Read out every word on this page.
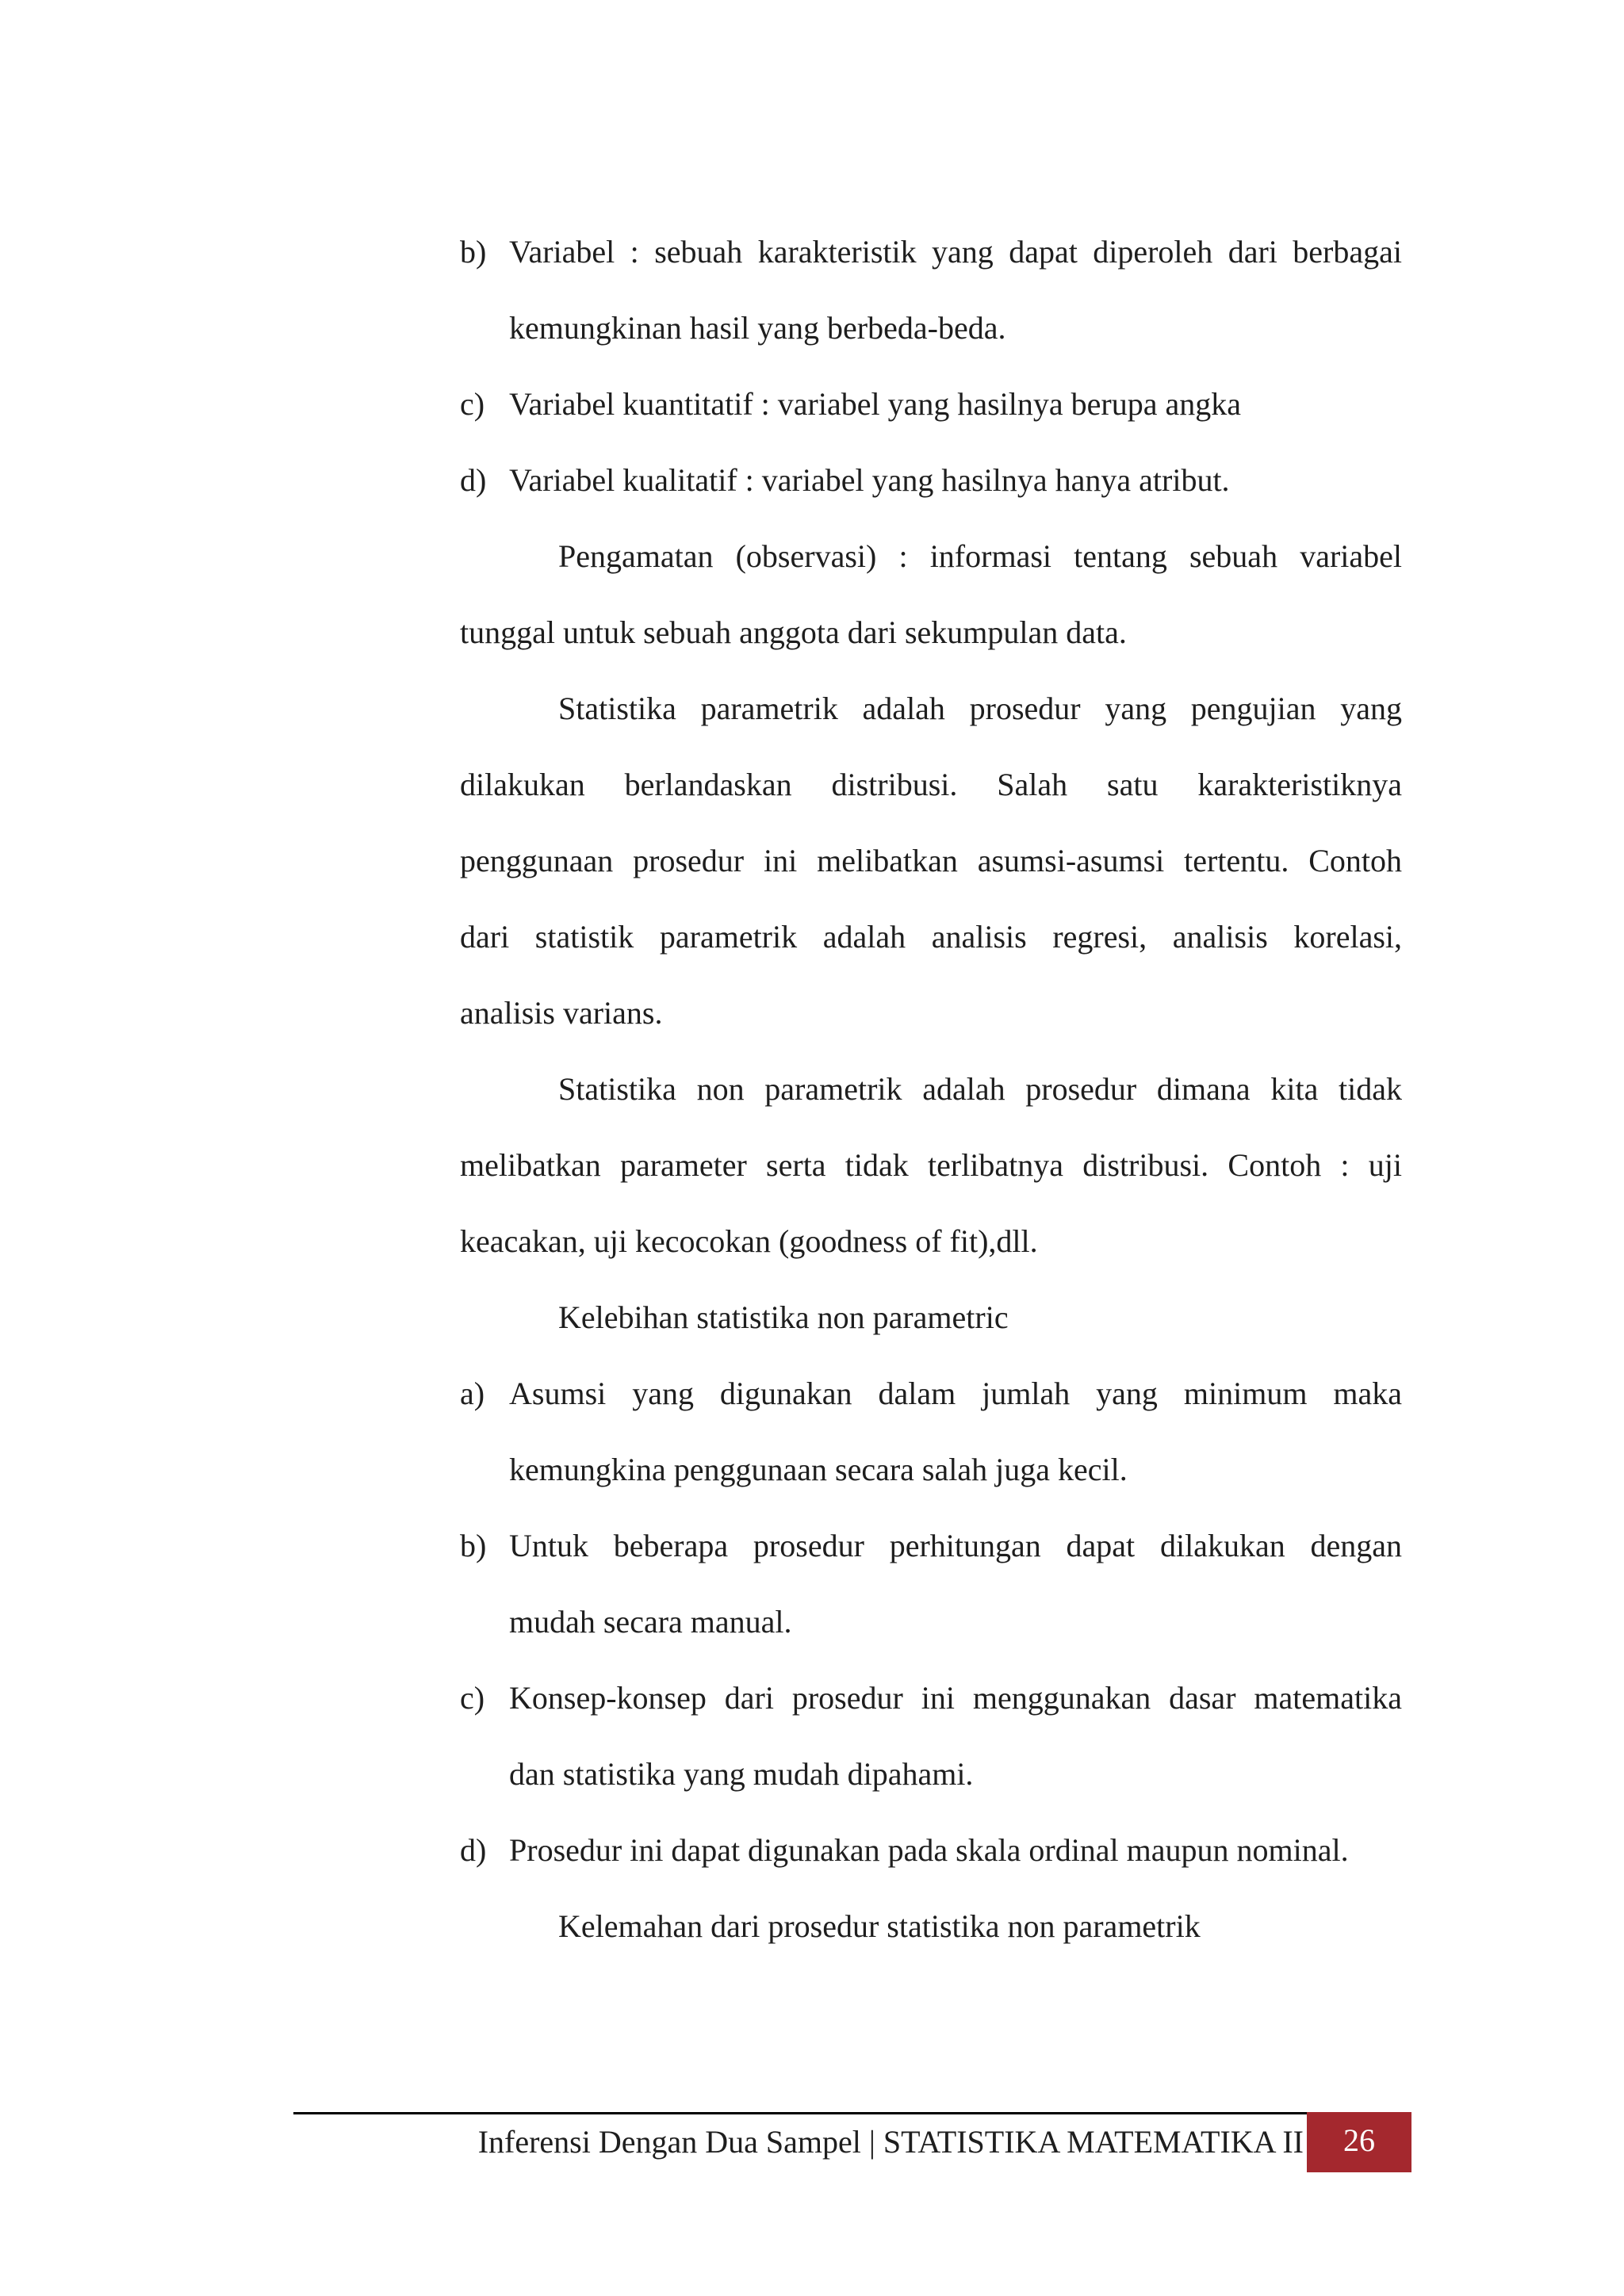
b) Variabel : sebuah karakteristik yang dapat diperoleh dari berbagai
kemungkinan hasil yang berbeda-beda.
c) Variabel kuantitatif : variabel yang hasilnya berupa angka
d) Variabel kualitatif : variabel yang hasilnya hanya atribut.
Pengamatan (observasi) : informasi tentang sebuah variabel
tunggal untuk sebuah anggota dari sekumpulan data.
Statistika parametrik adalah prosedur yang pengujian yang
dilakukan berlandaskan distribusi. Salah satu karakteristiknya
penggunaan prosedur ini melibatkan asumsi-asumsi tertentu. Contoh
dari statistik parametrik adalah analisis regresi, analisis korelasi,
analisis varians.
Statistika non parametrik adalah prosedur dimana kita tidak
melibatkan parameter serta tidak terlibatnya distribusi. Contoh : uji
keacakan, uji kecocokan (goodness of fit),dll.
Kelebihan statistika non parametric
a) Asumsi yang digunakan dalam jumlah yang minimum maka
kemungkina penggunaan secara salah juga kecil.
b) Untuk beberapa prosedur perhitungan dapat dilakukan dengan
mudah secara manual.
c) Konsep-konsep dari prosedur ini menggunakan dasar matematika
dan statistika yang mudah dipahami.
d) Prosedur ini dapat digunakan pada skala ordinal maupun nominal.
Kelemahan dari prosedur statistika non parametrik
Inferensi Dengan Dua Sampel | STATISTIKA MATEMATIKA II	26
